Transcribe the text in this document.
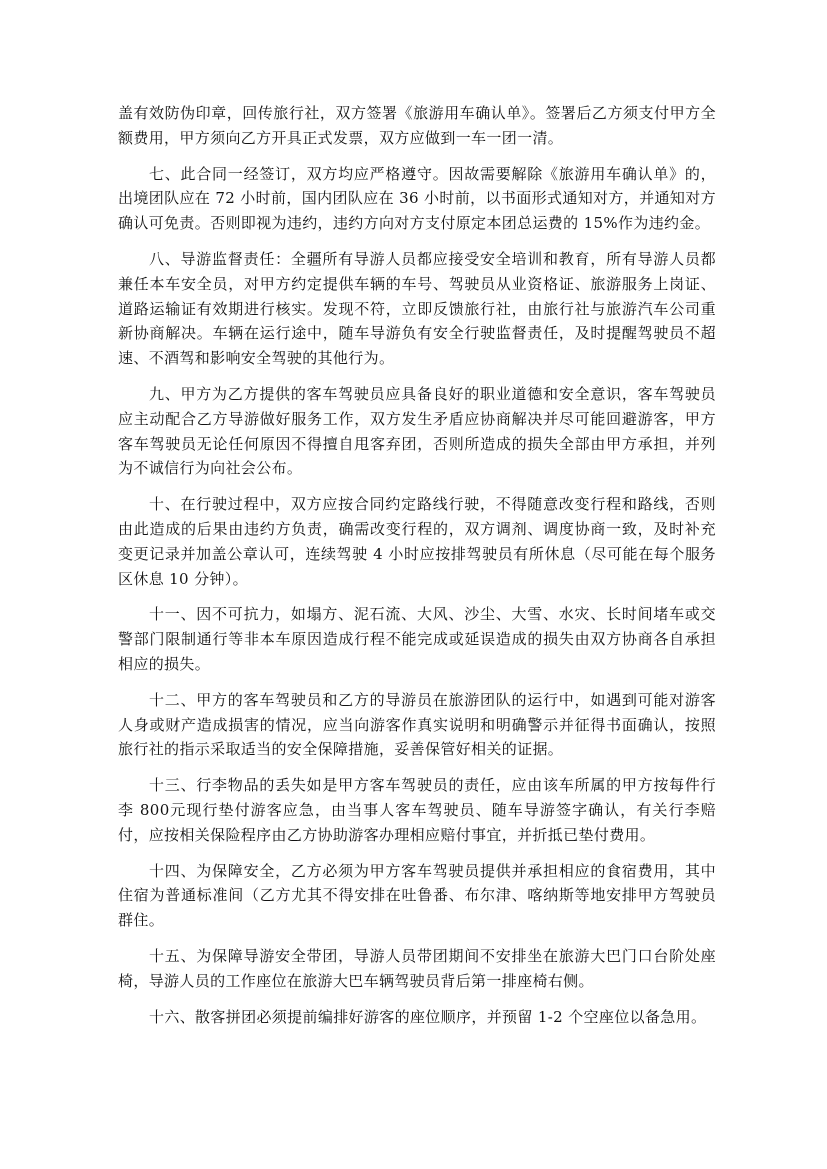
盖有效防伪印章，回传旅行社，双方签署《旅游用车确认单》。签署后乙方须支付甲方全额费用，甲方须向乙方开具正式发票，双方应做到一车一团一清。

七、此合同一经签订，双方均应严格遵守。因故需要解除《旅游用车确认单》的，出境团队应在 72 小时前，国内团队应在 36 小时前，以书面形式通知对方，并通知对方确认可免责。否则即视为违约，违约方向对方支付原定本团总运费的 15%作为违约金。

八、导游监督责任：全疆所有导游人员都应接受安全培训和教育，所有导游人员都兼任本车安全员，对甲方约定提供车辆的车号、驾驶员从业资格证、旅游服务上岗证、道路运输证有效期进行核实。发现不符，立即反馈旅行社，由旅行社与旅游汽车公司重新协商解决。车辆在运行途中，随车导游负有安全行驶监督责任，及时提醒驾驶员不超速、不酒驾和影响安全驾驶的其他行为。

九、甲方为乙方提供的客车驾驶员应具备良好的职业道德和安全意识，客车驾驶员应主动配合乙方导游做好服务工作，双方发生矛盾应协商解决并尽可能回避游客，甲方客车驾驶员无论任何原因不得擅自甩客弃团，否则所造成的损失全部由甲方承担，并列为不诚信行为向社会公布。

十、在行驶过程中，双方应按合同约定路线行驶，不得随意改变行程和路线，否则由此造成的后果由违约方负责，确需改变行程的，双方调剂、调度协商一致，及时补充变更记录并加盖公章认可，连续驾驶 4 小时应按排驾驶员有所休息（尽可能在每个服务区休息 10 分钟）。

十一、因不可抗力，如塌方、泥石流、大风、沙尘、大雪、水灾、长时间堵车或交警部门限制通行等非本车原因造成行程不能完成或延误造成的损失由双方协商各自承担相应的损失。

十二、甲方的客车驾驶员和乙方的导游员在旅游团队的运行中，如遇到可能对游客人身或财产造成损害的情况，应当向游客作真实说明和明确警示并征得书面确认，按照旅行社的指示采取适当的安全保障措施，妥善保管好相关的证据。

十三、行李物品的丢失如是甲方客车驾驶员的责任，应由该车所属的甲方按每件行李 800元现行垫付游客应急，由当事人客车驾驶员、随车导游签字确认，有关行李赔付，应按相关保险程序由乙方协助游客办理相应赔付事宜，并折抵已垫付费用。

十四、为保障安全，乙方必须为甲方客车驾驶员提供并承担相应的食宿费用，其中住宿为普通标准间（乙方尤其不得安排在吐鲁番、布尔津、喀纳斯等地安排甲方驾驶员群住。

十五、为保障导游安全带团，导游人员带团期间不安排坐在旅游大巴门口台阶处座椅，导游人员的工作座位在旅游大巴车辆驾驶员背后第一排座椅右侧。

十六、散客拼团必须提前编排好游客的座位顺序，并预留 1-2 个空座位以备急用。
